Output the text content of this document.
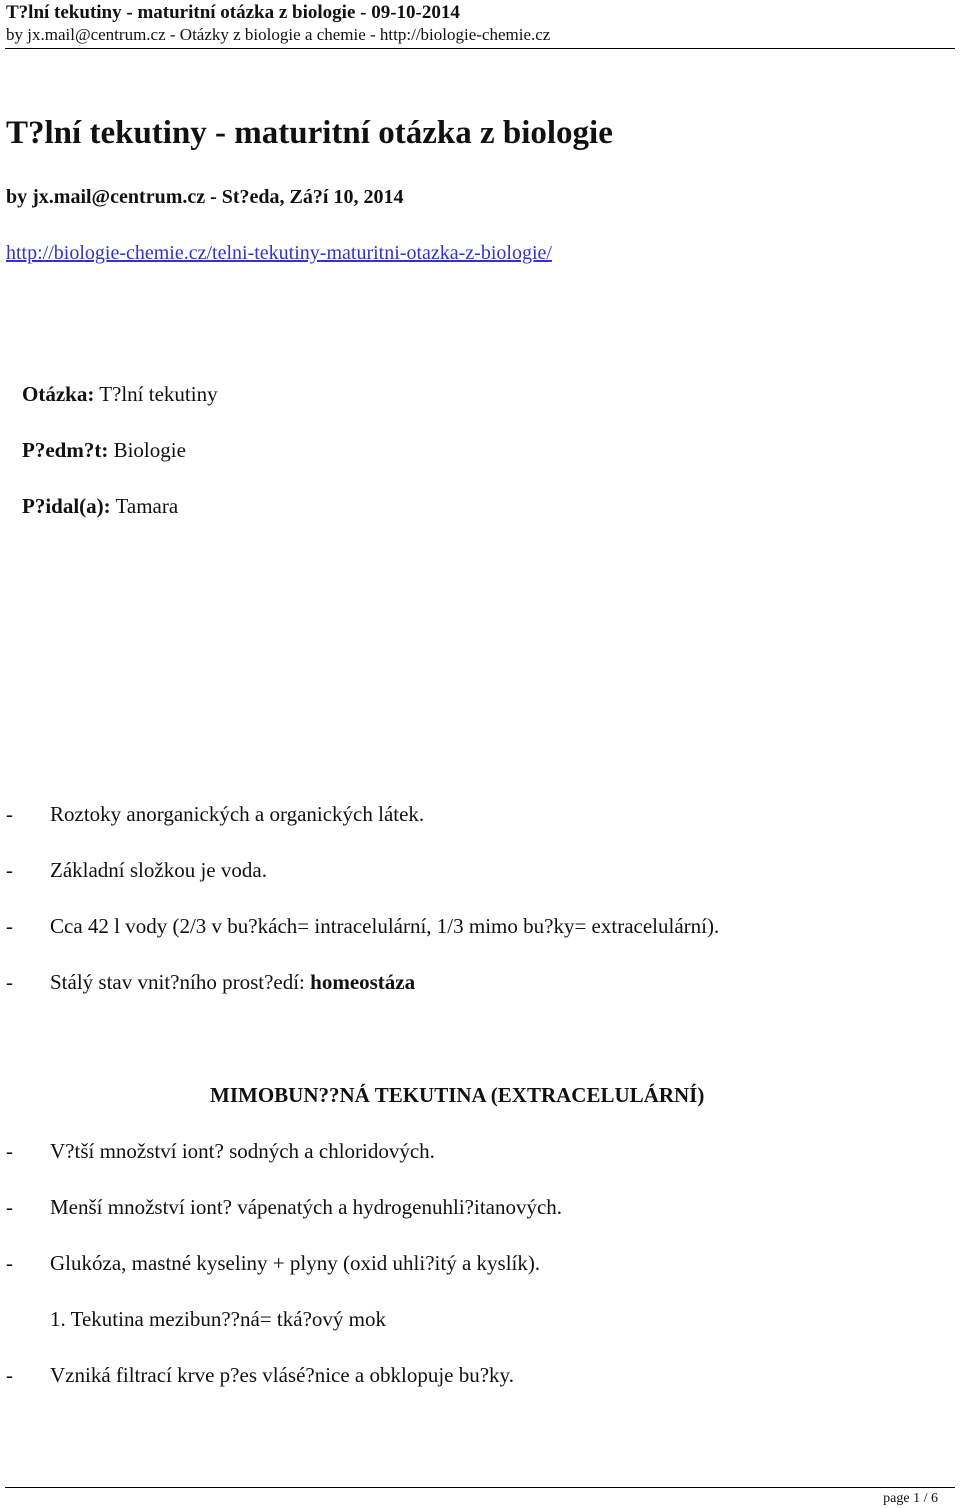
T?lní tekutiny - maturitní otázka z biologie - 09-10-2014
by jx.mail@centrum.cz - Otázky z biologie a chemie - http://biologie-chemie.cz
T?lní tekutiny - maturitní otázka z biologie
by jx.mail@centrum.cz - St?eda, Zá?í 10, 2014
http://biologie-chemie.cz/telni-tekutiny-maturitni-otazka-z-biologie/
Otázka: T?lní tekutiny
P?edm?t: Biologie
P?idal(a): Tamara
- Roztoky anorganických a organických látek.
- Základní složkou je voda.
- Cca 42 l vody (2/3 v bu?kách= intracelulární, 1/3 mimo bu?ky= extracelulární).
- Stálý stav vnit?ního prost?edí: homeostáza
MIMOBUN??NÁ TEKUTINA (EXTRACELULÁRNÍ)
- V?tší množství iont? sodných a chloridových.
- Menší množství iont? vápenatých a hydrogenuhli?itanových.
- Glukóza, mastné kyseliny + plyny (oxid uhli?itý a kyslík).
1. Tekutina mezibun??ná= tká?ový mok
- Vzniká filtrací krve p?es vlásé?nice a obklopuje bu?ky.
page 1 / 6
